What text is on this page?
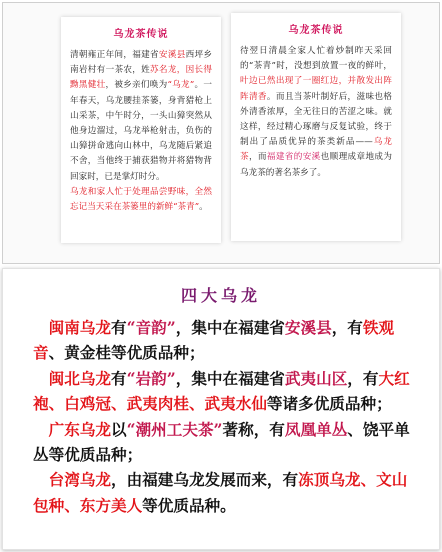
乌龙茶传说

清朝雍正年间，福建省安溪县西坪乡南岩村有一茶农，姓苏名龙，因长得黝黑健壮，被乡亲们唤为“乌龙”。一年春天，乌龙腰挂茶篓，身背猎枪上山采茶，中午时分，一头山獐突然从他身边溜过，乌龙举枪射击，负伤的山獐拼命逃向山林中，乌龙随后紧追不舍，当他终于捕获猎物并将猎物背回家时，已是掌灯时分。

乌龙和家人忙于处理品尝野味，全然忘记当天采在茶篓里的新鲜“茶青”。

乌龙茶传说

待翌日清晨全家人忙着炒制昨天采回的“茶青”时，没想到放置一夜的鲜叶，叶边已然出现了一圈红边，并散发出阵阵清香。而且当茶叶制好后，滋味也格外清香浓厚，全无往日的苦涩之味。就这样，经过精心琢磨与反复试验，终于制出了品质优异的茶类新品——乌龙茶，而福建省的安溪也顺理成章地成为乌龙茶的著名茶乡了。

四大乌龙

闽南乌龙有“音韵”，集中在福建省安溪县，有铁观音、黄金桂等优质品种；

闽北乌龙有“岩韵”，集中在福建省武夷山区，有大红袍、白鸡冠、武夷肉桂、武夷水仙等诸多优质品种；

广东乌龙以“潮州工夫茶”著称，有凤凰单丛、饶平单丛等优质品种；

台湾乌龙，由福建乌龙发展而来，有冻顶乌龙、文山包种、东方美人等优质品种。
